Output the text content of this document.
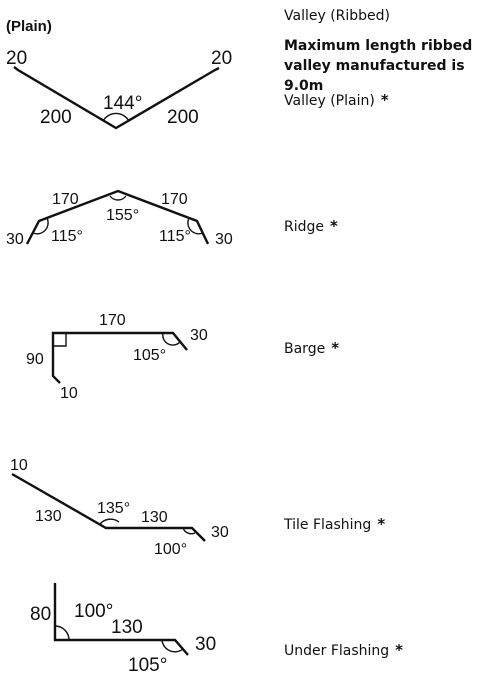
(Plain)
20	20
200	200
144°
170	170
155°
30	30
115°	115°
170
30
105°
90
10
10
130 135°
130
30
100°
80 100°
130
30
105°
Valley (Ribbed)
Maximum length ribbed valley manufactured is 9.0m
Valley (Plain) *
Ridge *
Barge *
Tile Flashing *
Under Flashing *
